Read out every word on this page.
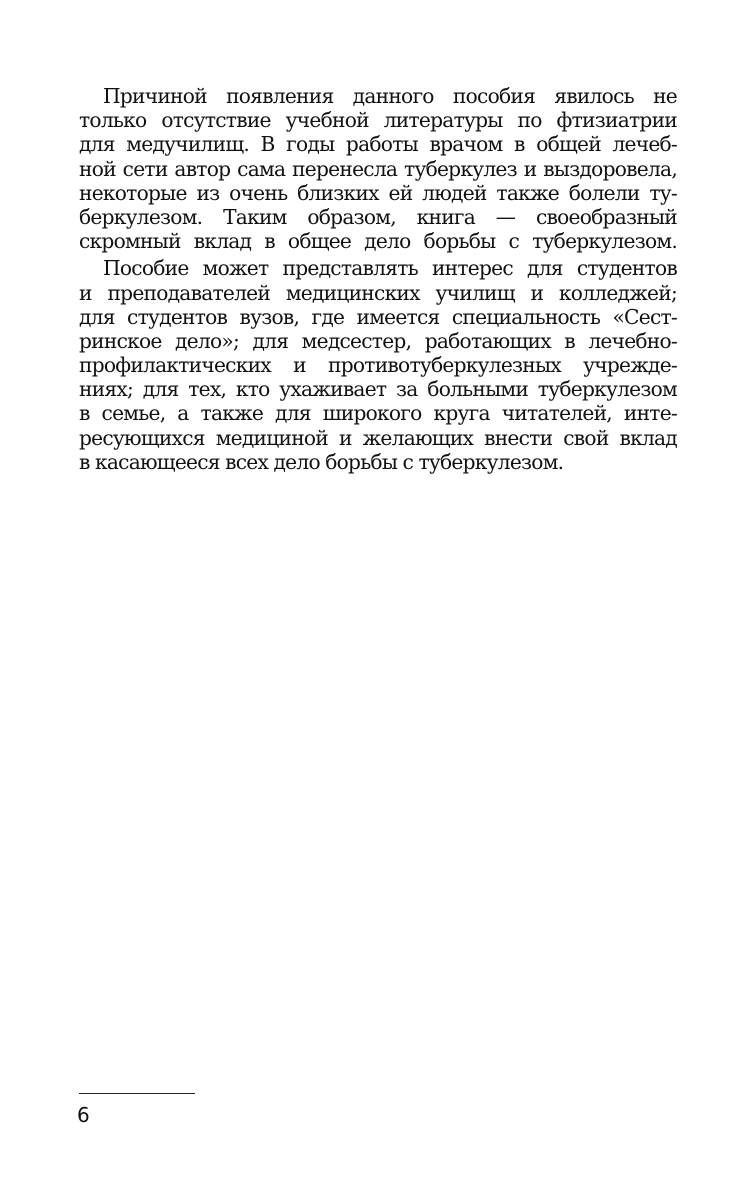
Причиной появления данного пособия явилось не
только отсутствие учебной литературы по фтизиатрии
для медучилищ. В годы работы врачом в общей лечеб-
ной сети автор сама перенесла туберкулез и выздоровела,
некоторые из очень близких ей людей также болели ту-
беркулезом. Таким образом, книга — своеобразный
скромный вклад в общее дело борьбы с туберкулезом.

Пособие может представлять интерес для студентов
и преподавателей медицинских училищ и колледжей;
для студентов вузов, где имеется специальность «Сест-
ринское дело»; для медсестер, работающих в лечебно-
профилактических и противотуберкулезных учрежде-
ниях; для тех, кто ухаживает за больными туберкулезом
в семье, а также для широкого круга читателей, инте-
ресующихся медициной и желающих внести свой вклад
в касающееся всех дело борьбы с туберкулезом.

6
